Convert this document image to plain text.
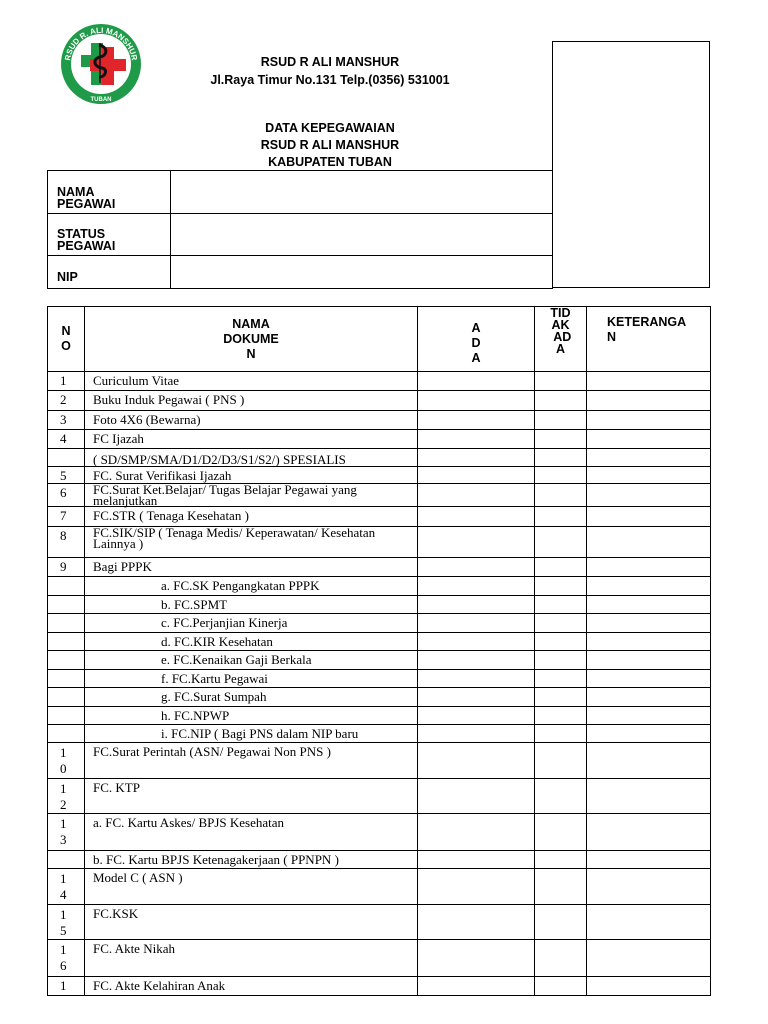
RSUD R. ALI MANSHUR
TUBAN
RSUD R ALI MANSHUR
Jl.Raya Timur No.131 Telp.(0356) 531001
DATA KEPEGAWAIAN
RSUD R ALI MANSHUR
KABUPATEN TUBAN
NAMA
PEGAWAI	
STATUS
PEGAWAI	
NIP	
N
O	NAMA
DOKUME
N	A
D
A	TID
AK
AD
A	KETERANGA
N
1	Curiculum Vitae			
2	Buku Induk Pegawai ( PNS )			
3	Foto 4X6 (Bewarna)			
4	FC Ijazah			
	( SD/SMP/SMA/D1/D2/D3/S1/S2/) SPESIALIS			
5	FC. Surat Verifikasi Ijazah			
6	FC.Surat Ket.Belajar/ Tugas Belajar Pegawai yang melanjutkan			
7	FC.STR ( Tenaga Kesehatan )			
8	FC.SIK/SIP ( Tenaga Medis/ Keperawatan/ Kesehatan Lainnya )			
9	Bagi PPPK			
	a. FC.SK Pengangkatan PPPK			
	b. FC.SPMT			
	c. FC.Perjanjian Kinerja			
	d. FC.KIR Kesehatan			
	e. FC.Kenaikan Gaji Berkala			
	f. FC.Kartu Pegawai			
	g. FC.Surat Sumpah			
	h. FC.NPWP			
	i. FC.NIP ( Bagi PNS dalam NIP baru			
1
0	FC.Surat Perintah (ASN/ Pegawai Non PNS )			
1
2	FC. KTP			
1
3	a. FC. Kartu Askes/ BPJS Kesehatan			
	b. FC. Kartu BPJS Ketenagakerjaan ( PPNPN )			
1
4	Model C ( ASN )			
1
5	FC.KSK			
1
6	FC. Akte Nikah			
1	FC. Akte Kelahiran Anak			
